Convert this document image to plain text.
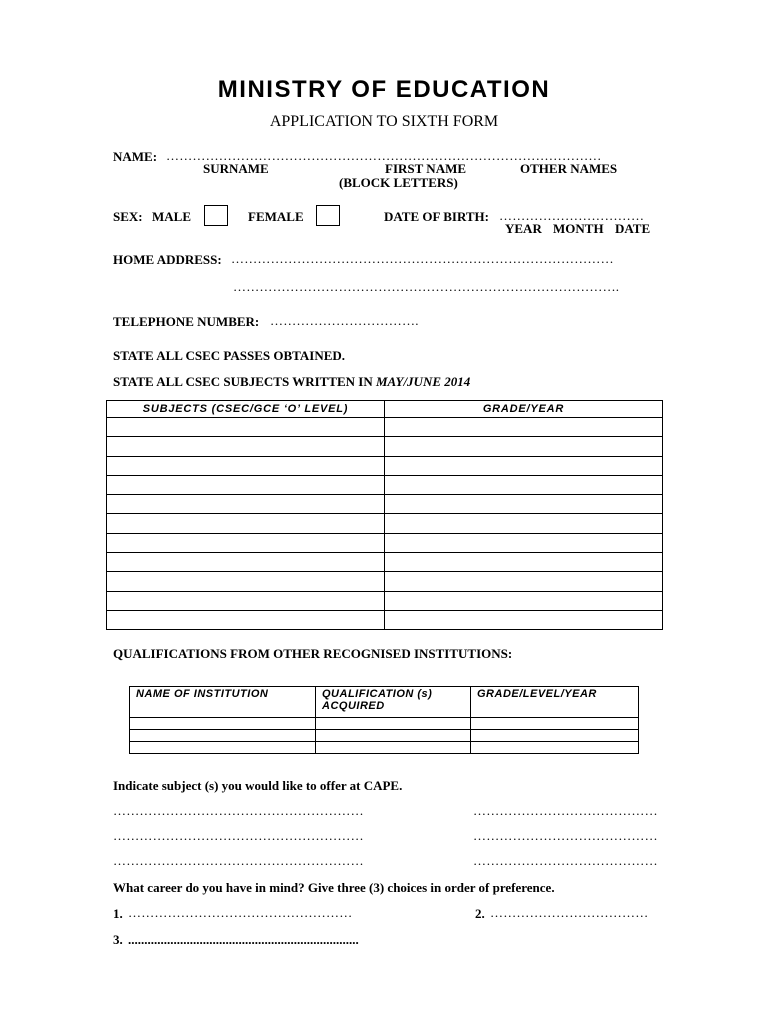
MINISTRY OF EDUCATION
APPLICATION TO SIXTH FORM
NAME: ………………………………………………………………………………………
SURNAME	FIRST NAME	OTHER NAMES
(BLOCK LETTERS)
SEX: MALE	FEMALE	DATE OF BIRTH: ……………………………
YEAR MONTH DATE
HOME ADDRESS: ……………………………………………………………………………
…………………………………………………………………………….
TELEPHONE NUMBER: …………………………….
STATE ALL CSEC PASSES OBTAINED.
STATE ALL CSEC SUBJECTS WRITTEN IN MAY/JUNE 2014
SUBJECTS (CSEC/GCE ‘O’ LEVEL)	GRADE/YEAR

QUALIFICATIONS FROM OTHER RECOGNISED INSTITUTIONS:
NAME OF INSTITUTION	QUALIFICATION (s) ACQUIRED	GRADE/LEVEL/YEAR

Indicate subject (s) you would like to offer at CAPE.
…………………………………………………	……………………………………
…………………………………………………	……………………………………
…………………………………………………	……………………………………
What career do you have in mind? Give three (3) choices in order of preference.
1. ……………………………………………	2. ………………………………
3. .......................................................................
